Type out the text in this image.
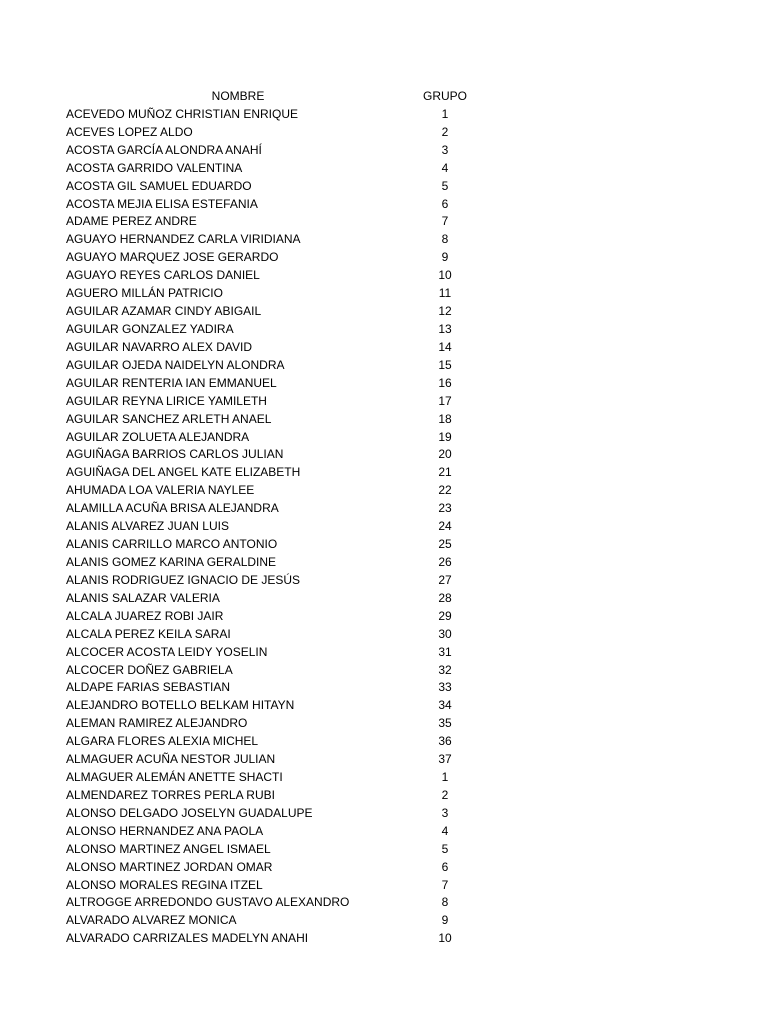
NOMBRE	GRUPO
ACEVEDO MUÑOZ CHRISTIAN ENRIQUE	1
ACEVES LOPEZ ALDO	2
ACOSTA GARCÍA ALONDRA ANAHÍ	3
ACOSTA GARRIDO VALENTINA	4
ACOSTA GIL SAMUEL EDUARDO	5
ACOSTA MEJIA ELISA ESTEFANIA	6
ADAME PEREZ ANDRE	7
AGUAYO HERNANDEZ CARLA VIRIDIANA	8
AGUAYO MARQUEZ JOSE GERARDO	9
AGUAYO REYES CARLOS DANIEL	10
AGUERO MILLÁN PATRICIO	11
AGUILAR AZAMAR CINDY ABIGAIL	12
AGUILAR GONZALEZ YADIRA	13
AGUILAR NAVARRO ALEX DAVID	14
AGUILAR OJEDA NAIDELYN ALONDRA	15
AGUILAR RENTERIA IAN EMMANUEL	16
AGUILAR REYNA LIRICE YAMILETH	17
AGUILAR SANCHEZ ARLETH ANAEL	18
AGUILAR ZOLUETA ALEJANDRA	19
AGUIÑAGA BARRIOS CARLOS JULIAN	20
AGUIÑAGA DEL ANGEL KATE ELIZABETH	21
AHUMADA LOA VALERIA NAYLEE	22
ALAMILLA ACUÑA BRISA ALEJANDRA	23
ALANIS ALVAREZ JUAN LUIS	24
ALANIS CARRILLO MARCO ANTONIO	25
ALANIS GOMEZ KARINA GERALDINE	26
ALANIS RODRIGUEZ IGNACIO DE JESÚS	27
ALANIS SALAZAR VALERIA	28
ALCALA JUAREZ ROBI JAIR	29
ALCALA PEREZ KEILA SARAI	30
ALCOCER ACOSTA LEIDY YOSELIN	31
ALCOCER DOÑEZ GABRIELA	32
ALDAPE FARIAS SEBASTIAN	33
ALEJANDRO BOTELLO BELKAM HITAYN	34
ALEMAN RAMIREZ ALEJANDRO	35
ALGARA FLORES ALEXIA MICHEL	36
ALMAGUER ACUÑA NESTOR JULIAN	37
ALMAGUER ALEMÁN ANETTE SHACTI	1
ALMENDAREZ TORRES PERLA RUBI	2
ALONSO DELGADO JOSELYN GUADALUPE	3
ALONSO HERNANDEZ ANA PAOLA	4
ALONSO MARTINEZ ANGEL ISMAEL	5
ALONSO MARTINEZ JORDAN OMAR	6
ALONSO MORALES REGINA ITZEL	7
ALTROGGE ARREDONDO GUSTAVO ALEXANDRO	8
ALVARADO ALVAREZ MONICA	9
ALVARADO CARRIZALES MADELYN ANAHI	10
